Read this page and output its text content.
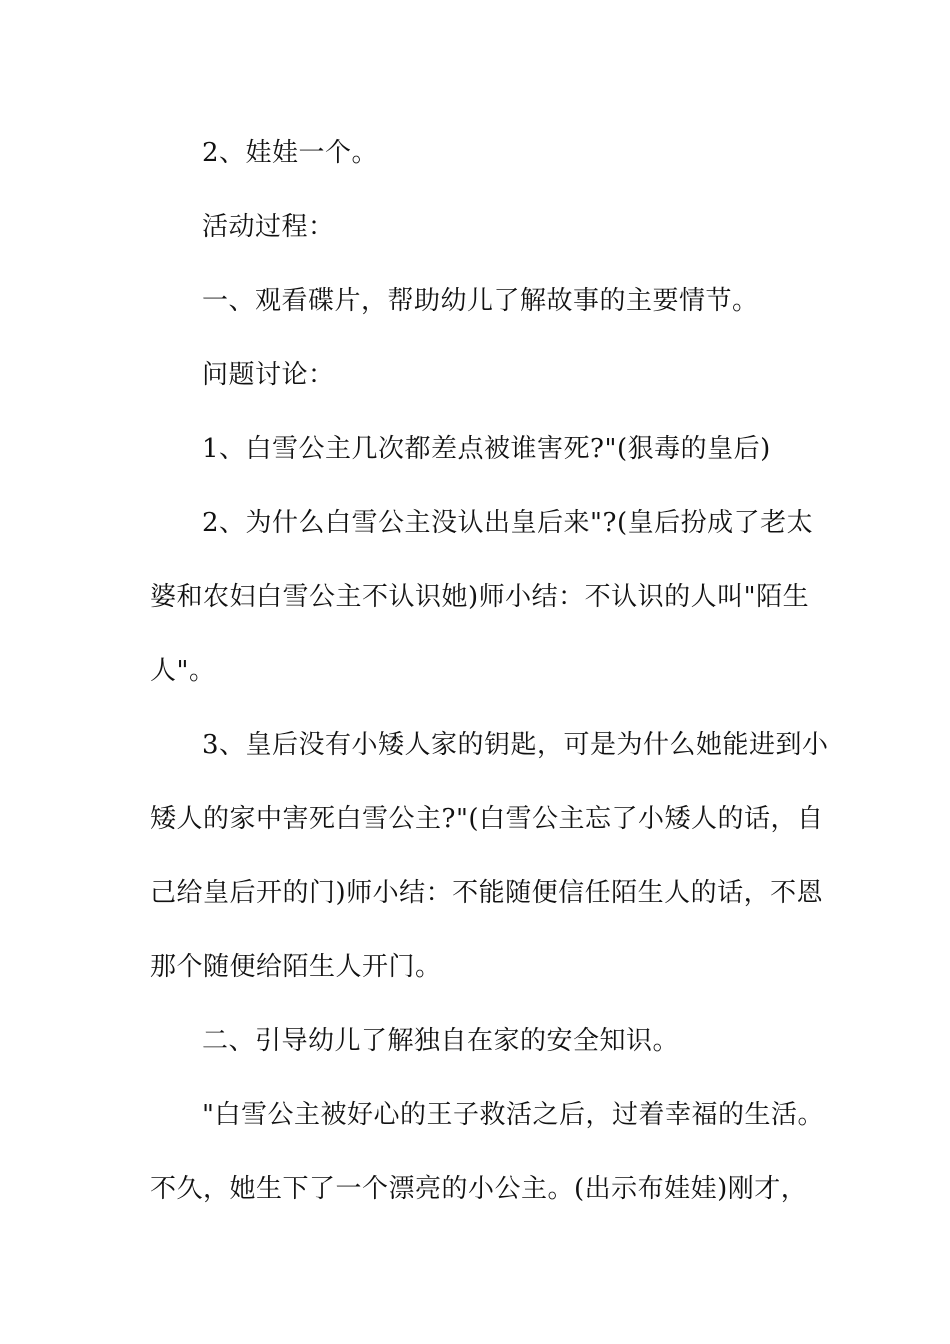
2、娃娃一个。
活动过程：
一、观看碟片，帮助幼儿了解故事的主要情节。
问题讨论：
1、白雪公主几次都差点被谁害死?"(狠毒的皇后)
2、为什么白雪公主没认出皇后来"?(皇后扮成了老太
婆和农妇白雪公主不认识她)师小结：不认识的人叫"陌生
人"。
3、皇后没有小矮人家的钥匙，可是为什么她能进到小
矮人的家中害死白雪公主?"(白雪公主忘了小矮人的话，自
己给皇后开的门)师小结：不能随便信任陌生人的话，不恩
那个随便给陌生人开门。
二、引导幼儿了解独自在家的安全知识。
"白雪公主被好心的王子救活之后，过着幸福的生活。
不久，她生下了一个漂亮的小公主。(出示布娃娃)刚才，
